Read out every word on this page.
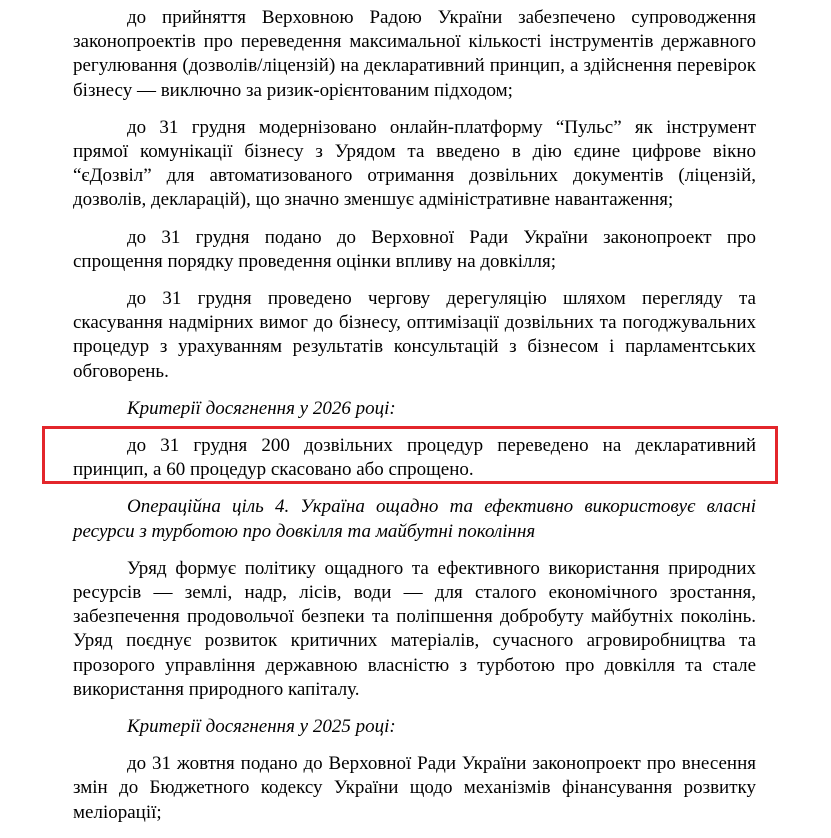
до прийняття Верховною Радою України забезпечено супроводження законопроектів про переведення максимальної кількості інструментів державного регулювання (дозволів/ліцензій) на декларативний принцип, а здійснення перевірок бізнесу — виключно за ризик-орієнтованим підходом;

до 31 грудня модернізовано онлайн-платформу “Пульс” як інструмент прямої комунікації бізнесу з Урядом та введено в дію єдине цифрове вікно “єДозвіл” для автоматизованого отримання дозвільних документів (ліцензій, дозволів, декларацій), що значно зменшує адміністративне навантаження;

до 31 грудня подано до Верховної Ради України законопроект про спрощення порядку проведення оцінки впливу на довкілля;

до 31 грудня проведено чергову дерегуляцію шляхом перегляду та скасування надмірних вимог до бізнесу, оптимізації дозвільних та погоджувальних процедур з урахуванням результатів консультацій з бізнесом і парламентських обговорень.

Критерії досягнення у 2026 році:

до 31 грудня 200 дозвільних процедур переведено на декларативний принцип, а 60 процедур скасовано або спрощено.

Операційна ціль 4. Україна ощадно та ефективно використовує власні ресурси з турботою про довкілля та майбутні покоління

Уряд формує політику ощадного та ефективного використання природних ресурсів — землі, надр, лісів, води — для сталого економічного зростання, забезпечення продовольчої безпеки та поліпшення добробуту майбутніх поколінь. Уряд поєднує розвиток критичних матеріалів, сучасного агровиробництва та прозорого управління державною власністю з турботою про довкілля та стале використання природного капіталу.

Критерії досягнення у 2025 році:

до 31 жовтня подано до Верховної Ради України законопроект про внесення змін до Бюджетного кодексу України щодо механізмів фінансування розвитку меліорації;
